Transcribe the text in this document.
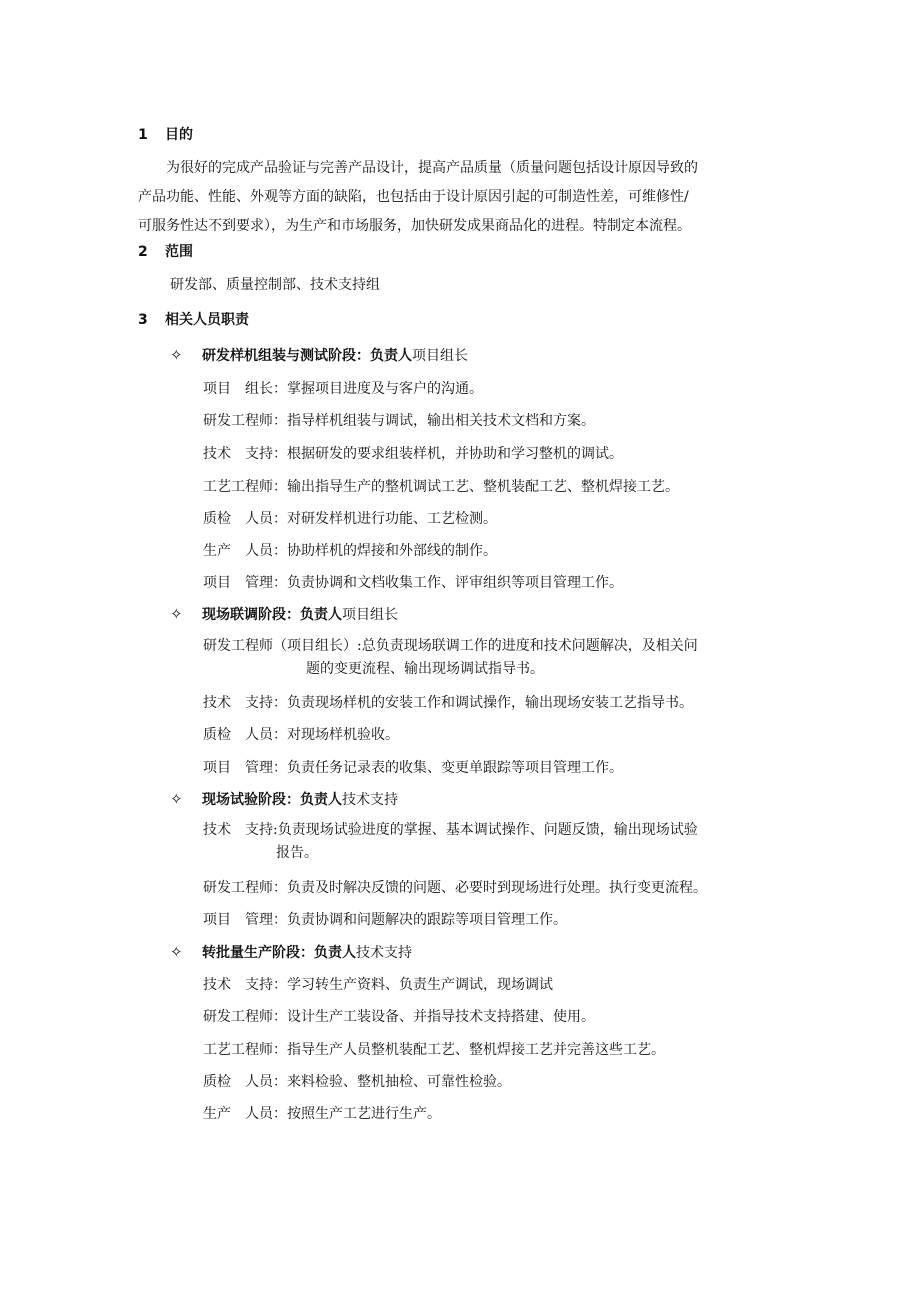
1 目的
为很好的完成产品验证与完善产品设计，提高产品质量（质量问题包括设计原因导致的
产品功能、性能、外观等方面的缺陷，也包括由于设计原因引起的可制造性差，可维修性/
可服务性达不到要求），为生产和市场服务，加快研发成果商品化的进程。特制定本流程。
2 范围
研发部、质量控制部、技术支持组
3 相关人员职责
✧ 研发样机组装与测试阶段：负责人项目组长
项目　组长：掌握项目进度及与客户的沟通。
研发工程师：指导样机组装与调试，输出相关技术文档和方案。
技术　支持：根据研发的要求组装样机，并协助和学习整机的调试。
工艺工程师：输出指导生产的整机调试工艺、整机装配工艺、整机焊接工艺。
质检　人员：对研发样机进行功能、工艺检测。
生产　人员：协助样机的焊接和外部线的制作。
项目　管理：负责协调和文档收集工作、评审组织等项目管理工作。
✧ 现场联调阶段：负责人项目组长
研发工程师（项目组长）:总负责现场联调工作的进度和技术问题解决，及相关问
题的变更流程、输出现场调试指导书。
技术　支持：负责现场样机的安装工作和调试操作，输出现场安装工艺指导书。
质检　人员：对现场样机验收。
项目　管理：负责任务记录表的收集、变更单跟踪等项目管理工作。
✧ 现场试验阶段：负责人技术支持
技术　支持:负责现场试验进度的掌握、基本调试操作、问题反馈，输出现场试验
报告。
研发工程师：负责及时解决反馈的问题、必要时到现场进行处理。执行变更流程。
项目　管理：负责协调和问题解决的跟踪等项目管理工作。
✧ 转批量生产阶段：负责人技术支持
技术　支持：学习转生产资料、负责生产调试，现场调试
研发工程师：设计生产工装设备、并指导技术支持搭建、使用。
工艺工程师：指导生产人员整机装配工艺、整机焊接工艺并完善这些工艺。
质检　人员：来料检验、整机抽检、可靠性检验。
生产　人员：按照生产工艺进行生产。
